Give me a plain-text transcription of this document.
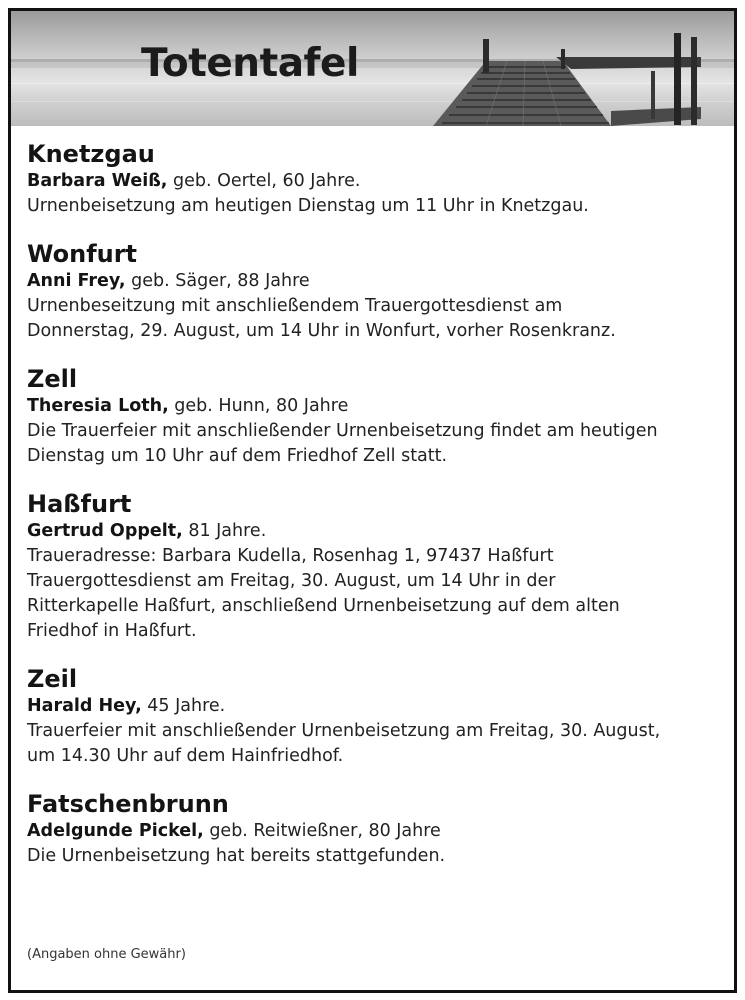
Totentafel
Knetzgau
Barbara Weiß, geb. Oertel, 60 Jahre.
Urnenbeisetzung am heutigen Dienstag um 11 Uhr in Knetzgau.
Wonfurt
Anni Frey, geb. Säger, 88 Jahre
Urnenbeseitzung mit anschließendem Trauergottesdienst am
Donnerstag, 29. August, um 14 Uhr in Wonfurt, vorher Rosenkranz.
Zell
Theresia Loth, geb. Hunn, 80 Jahre
Die Trauerfeier mit anschließender Urnenbeisetzung findet am heutigen
Dienstag um 10 Uhr auf dem Friedhof Zell statt.
Haßfurt
Gertrud Oppelt, 81 Jahre.
Traueradresse: Barbara Kudella, Rosenhag 1, 97437 Haßfurt
Trauergottesdienst am Freitag, 30. August, um 14 Uhr in der
Ritterkapelle Haßfurt, anschließend Urnenbeisetzung auf dem alten
Friedhof in Haßfurt.
Zeil
Harald Hey, 45 Jahre.
Trauerfeier mit anschließender Urnenbeisetzung am Freitag, 30. August,
um 14.30 Uhr auf dem Hainfriedhof.
Fatschenbrunn
Adelgunde Pickel, geb. Reitwießner, 80 Jahre
Die Urnenbeisetzung hat bereits stattgefunden.
(Angaben ohne Gewähr)
